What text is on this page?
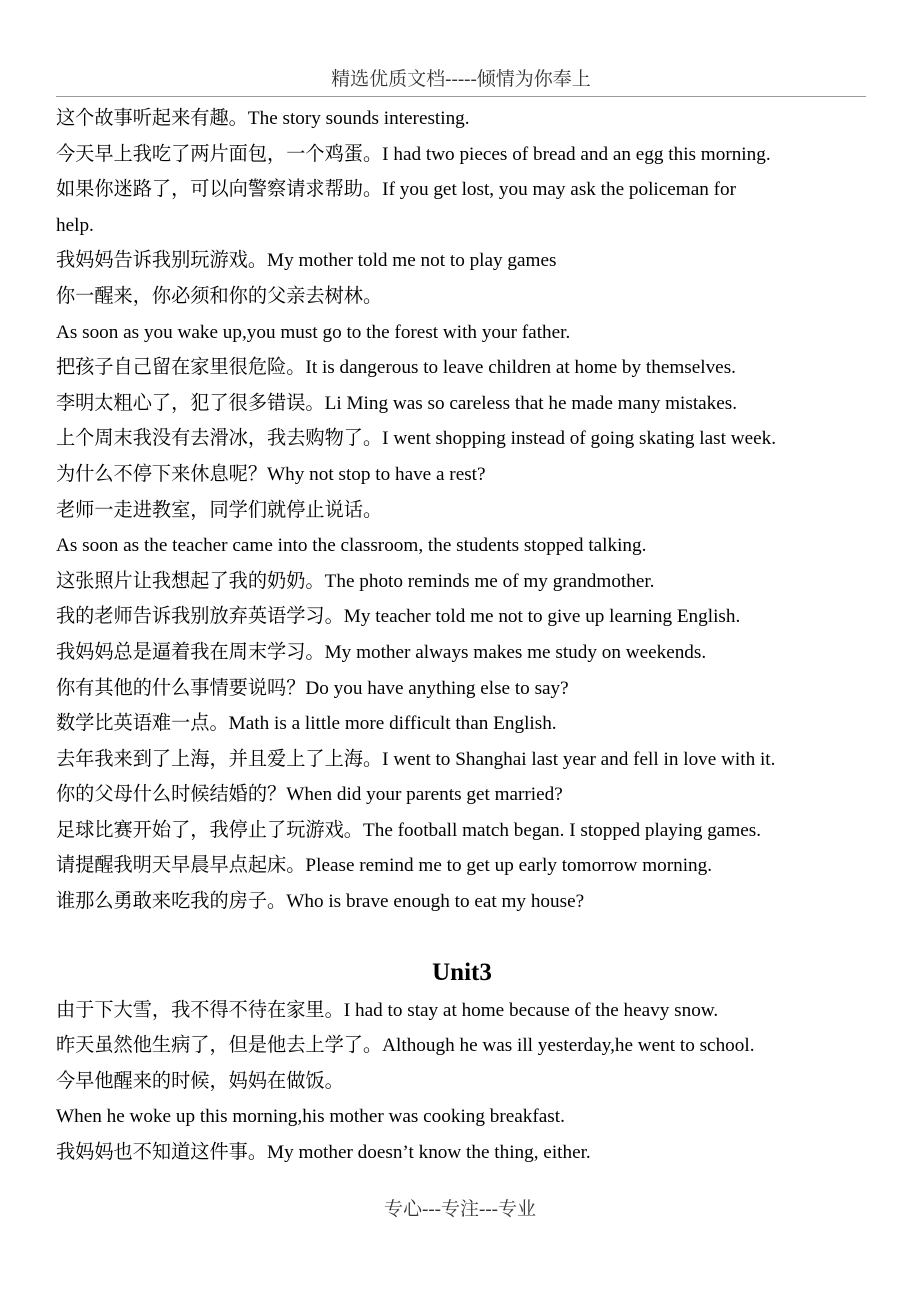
精选优质文档-----倾情为你奉上
这个故事听起来有趣。The story sounds interesting.
今天早上我吃了两片面包，一个鸡蛋。I had two pieces of bread and an egg this morning.
如果你迷路了，可以向警察请求帮助。If you get lost, you may ask the policeman for
help.
我妈妈告诉我别玩游戏。My mother told me not to play games
你一醒来，你必须和你的父亲去树林。
As soon as you wake up,you must go to the forest with your father.
把孩子自己留在家里很危险。It is dangerous to leave children at home by themselves.
李明太粗心了，犯了很多错误。Li Ming was so careless that he made many mistakes.
上个周末我没有去滑冰，我去购物了。I went shopping instead of going skating last week.
为什么不停下来休息呢？Why not stop to have a rest?
老师一走进教室，同学们就停止说话。
As soon as the teacher came into the classroom, the students stopped talking.
这张照片让我想起了我的奶奶。The photo reminds me of my grandmother.
我的老师告诉我别放弃英语学习。My teacher told me not to give up learning English.
我妈妈总是逼着我在周末学习。My mother always makes me study on weekends.
你有其他的什么事情要说吗？Do you have anything else to say?
数学比英语难一点。Math is a little more difficult than English.
去年我来到了上海，并且爱上了上海。I went to Shanghai last year and fell in love with it.
你的父母什么时候结婚的？When did your parents get married?
足球比赛开始了，我停止了玩游戏。The football match began. I stopped playing games.
请提醒我明天早晨早点起床。Please remind me to get up early tomorrow morning.
谁那么勇敢来吃我的房子。Who is brave enough to eat my house?
Unit3
由于下大雪，我不得不待在家里。I had to stay at home because of the heavy snow.
昨天虽然他生病了，但是他去上学了。Although he was ill yesterday,he went to school.
今早他醒来的时候，妈妈在做饭。
When he woke up this morning,his mother was cooking breakfast.
我妈妈也不知道这件事。My mother doesn’t know the thing, either.
专心---专注---专业
